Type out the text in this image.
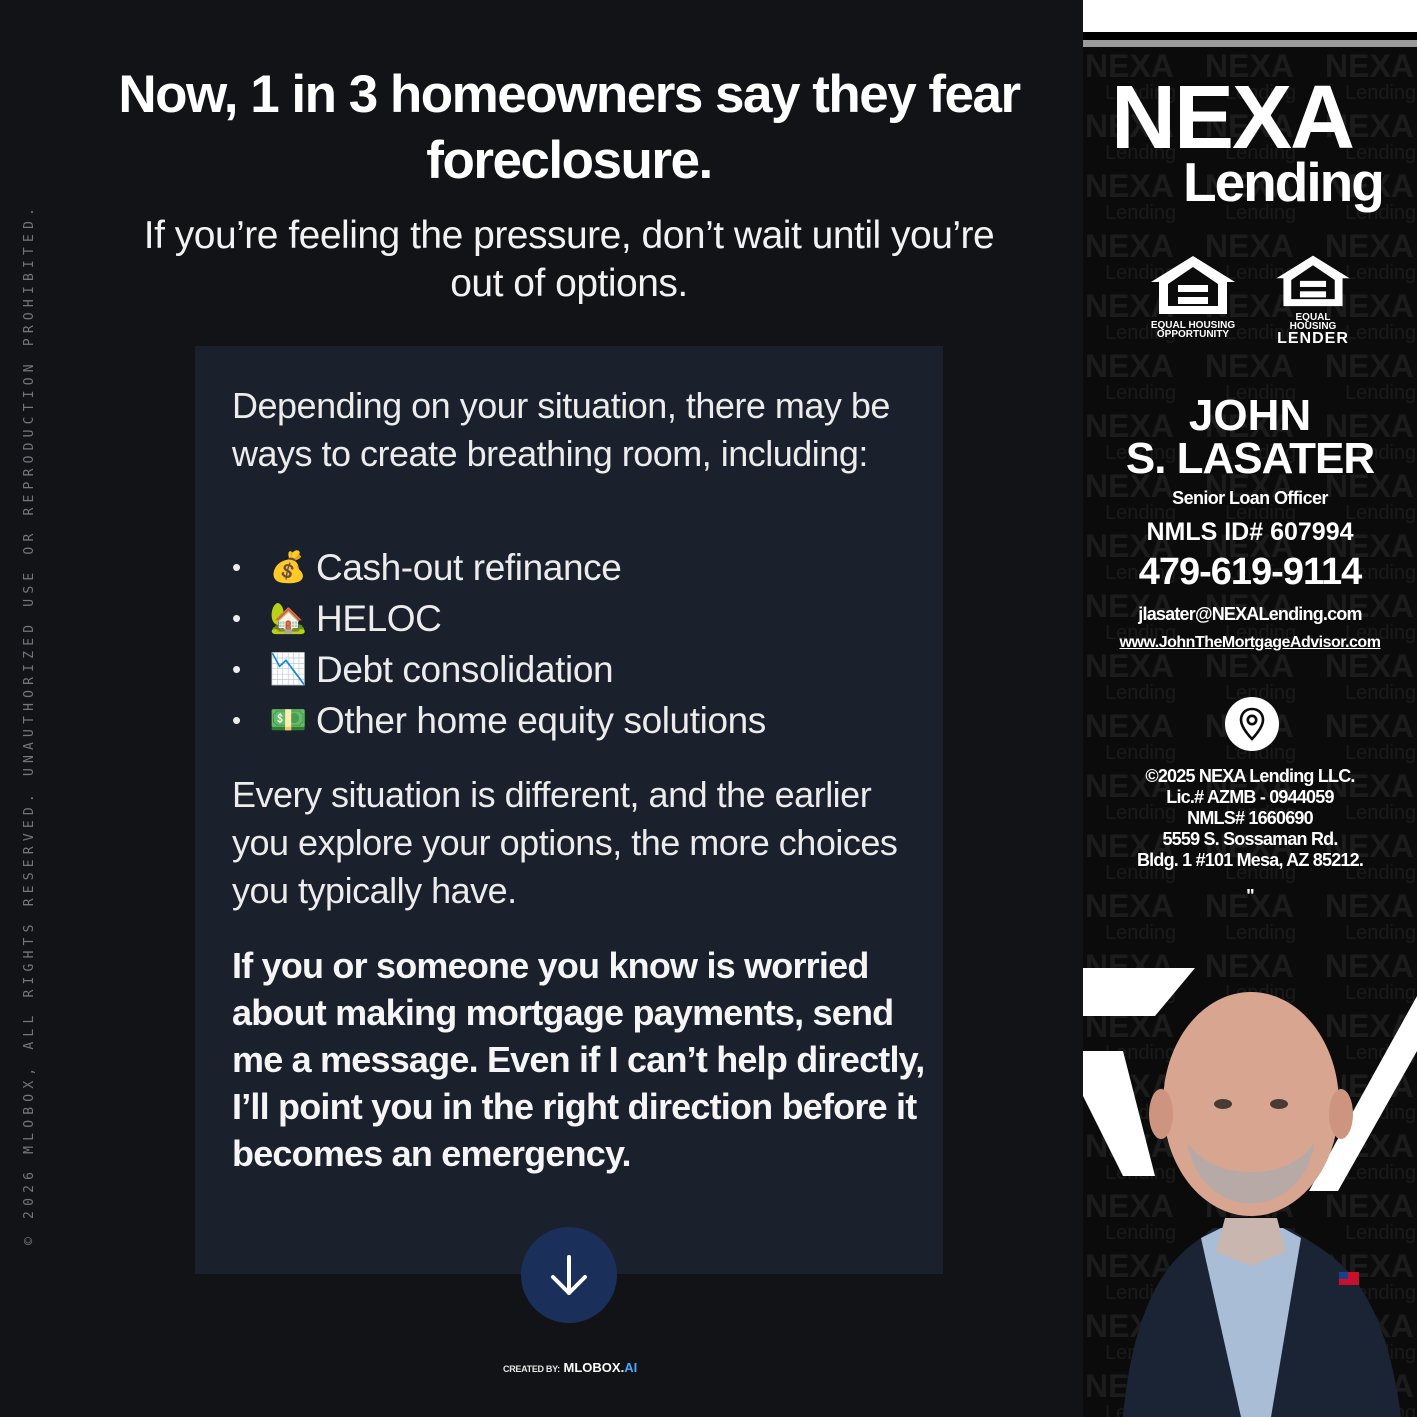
© 2026 MLOBOX, ALL RIGHTS RESERVED. UNAUTHORIZED USE OR REPRODUCTION PROHIBITED.
Now, 1 in 3 homeowners say they fear foreclosure.
If you’re feeling the pressure, don’t wait until you’re out of options.
Depending on your situation, there may be ways to create breathing room, including:
• 💰 Cash-out refinance
• 🏡 HELOC
• 📉 Debt consolidation
• 💵 Other home equity solutions
Every situation is different, and the earlier you explore your options, the more choices you typically have.
If you or someone you know is worried about making mortgage payments, send me a message. Even if I can’t help directly, I’ll point you in the right direction before it becomes an emergency.
CREATED BY: MLOBOX.AI
NEXA
Lending
EQUAL HOUSING
OPPORTUNITY
EQUAL HOUSING
LENDER
JOHN
S. LASATER
Senior Loan Officer
NMLS ID# 607994
479-619-9114
jlasater@NEXALending.com
www.JohnTheMortgageAdvisor.com
©2025 NEXA Lending LLC.
Lic.# AZMB - 0944059
NMLS# 1660690
5559 S. Sossaman Rd.
Bldg. 1 #101 Mesa, AZ 85212.
"
